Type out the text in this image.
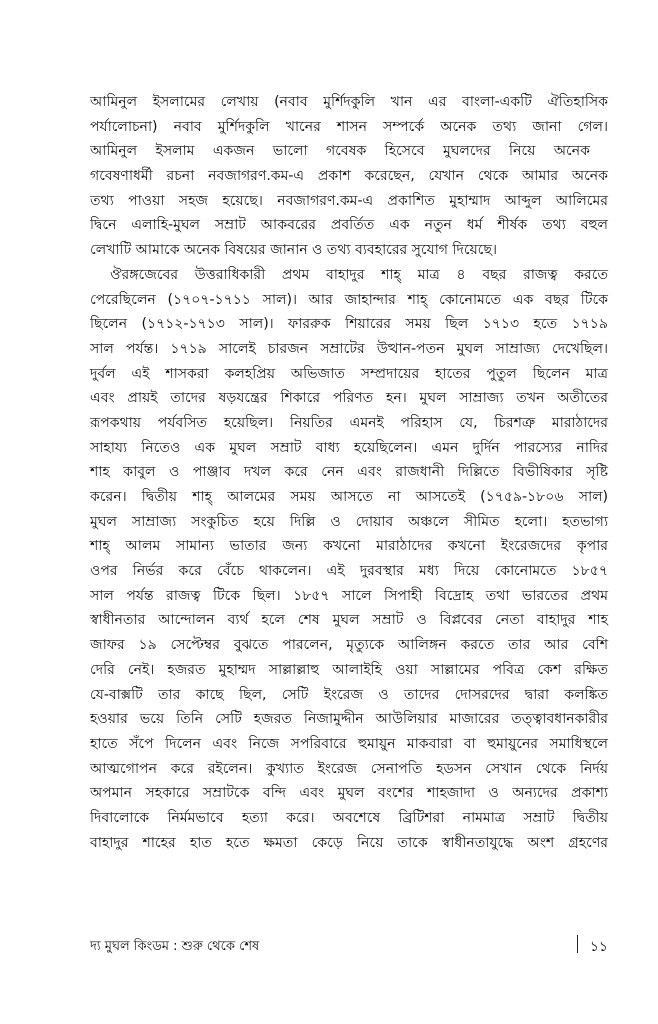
আমিনুল ইসলামের লেখায় (নবাব মুর্শিদকুলি খান এর বাংলা-একটি ঐতিহাসিক
পর্যালোচনা) নবাব মুর্শিদকুলি খানের শাসন সম্পর্কে অনেক তথ্য জানা গেল।
আমিনুল ইসলাম একজন ভালো গবেষক হিসেবে মুঘলদের নিয়ে অনেক
গবেষণাধর্মী রচনা নবজাগরণ.কম-এ প্রকাশ করেছেন, যেখান থেকে আমার অনেক
তথ্য পাওয়া সহজ হয়েছে। নবজাগরণ.কম-এ প্রকাশিত মুহাম্মাদ আব্দুল আলিমের
দ্বিনে এলাহি-মুঘল সম্রাট আকবরের প্রবর্তিত এক নতুন ধর্ম শীর্ষক তথ্য বহুল
লেখাটি আমাকে অনেক বিষয়ের জানান ও তথ্য ব্যবহারের সুযোগ দিয়েছে।

ঔরঙ্গজেবের উত্তরাধিকারী প্রথম বাহাদুর শাহ্ মাত্র ৪ বছর রাজত্ব করতে
পেরেছিলেন (১৭০৭-১৭১১ সাল)। আর জাহান্দার শাহ্ কোনোমতে এক বছর টিকে
ছিলেন (১৭১২-১৭১৩ সাল)। ফাররুক শিয়ারের সময় ছিল ১৭১৩ হতে ১৭১৯
সাল পর্যন্ত। ১৭১৯ সালেই চারজন সম্রাটের উত্থান-পতন মুঘল সাম্রাজ্য দেখেছিল।
দুর্বল এই শাসকরা কলহপ্রিয় অভিজাত সম্প্রদায়ের হাতের পুতুল ছিলেন মাত্র
এবং প্রায়ই তাদের ষড়যন্ত্রের শিকারে পরিণত হন। মুঘল সাম্রাজ্য তখন অতীতের
রূপকথায় পর্যবসিত হয়েছিল। নিয়তির এমনই পরিহাস যে, চিরশত্রু মারাঠাদের
সাহায্য নিতেও এক মুঘল সম্রাট বাধ্য হয়েছিলেন। এমন দুর্দিন পারস্যের নাদির
শাহ কাবুল ও পাঞ্জাব দখল করে নেন এবং রাজধানী দিল্লিতে বিভীষিকার সৃষ্টি
করেন। দ্বিতীয় শাহ্ আলমের সময় আসতে না আসতেই (১৭৫৯-১৮০৬ সাল)
মুঘল সাম্রাজ্য সংকুচিত হয়ে দিল্লি ও দোয়াব অঞ্চলে সীমিত হলো। হতভাগ্য
শাহ্ আলম সামান্য ভাতার জন্য কখনো মারাঠাদের কখনো ইংরেজদের কৃপার
ওপর নির্ভর করে বেঁচে থাকলেন। এই দুরবস্থার মধ্য দিয়ে কোনোমতে ১৮৫৭
সাল পর্যন্ত রাজত্ব টিকে ছিল। ১৮৫৭ সালে সিপাহী বিদ্রোহ তথা ভারতের প্রথম
স্বাধীনতার আন্দোলন ব্যর্থ হলে শেষ মুঘল সম্রাট ও বিপ্লবের নেতা বাহাদুর শাহ
জাফর ১৯ সেপ্টেম্বর বুঝতে পারলেন, মৃত্যুকে আলিঙ্গন করতে তার আর বেশি
দেরি নেই। হজরত মুহাম্মদ সাল্লাল্লাহু আলাইহি ওয়া সাল্লামের পবিত্র কেশ রক্ষিত
যে-বাক্সটি তার কাছে ছিল, সেটি ইংরেজ ও তাদের দোসরদের দ্বারা কলঙ্কিত
হওয়ার ভয়ে তিনি সেটি হজরত নিজামুদ্দীন আউলিয়ার মাজারের তত্ত্বাবধানকারীর
হাতে সঁপে দিলেন এবং নিজে সপরিবারে হুমায়ুন মাকবারা বা হুমায়ুনের সমাধিস্থলে
আত্মগোপন করে রইলেন। কুখ্যাত ইংরেজ সেনাপতি হডসন সেখান থেকে নির্দয়
অপমান সহকারে সম্রাটকে বন্দি এবং মুঘল বংশের শাহজাদা ও অন্যদের প্রকাশ্য
দিবালোকে নির্মমভাবে হত্যা করে। অবশেষে ব্রিটিশরা নামমাত্র সম্রাট দ্বিতীয়
বাহাদুর শাহের হাত হতে ক্ষমতা কেড়ে নিয়ে তাকে স্বাধীনতাযুদ্ধে অংশ গ্রহণের

দ্য মুঘল কিংডম : শুরু থেকে শেষ	১১
